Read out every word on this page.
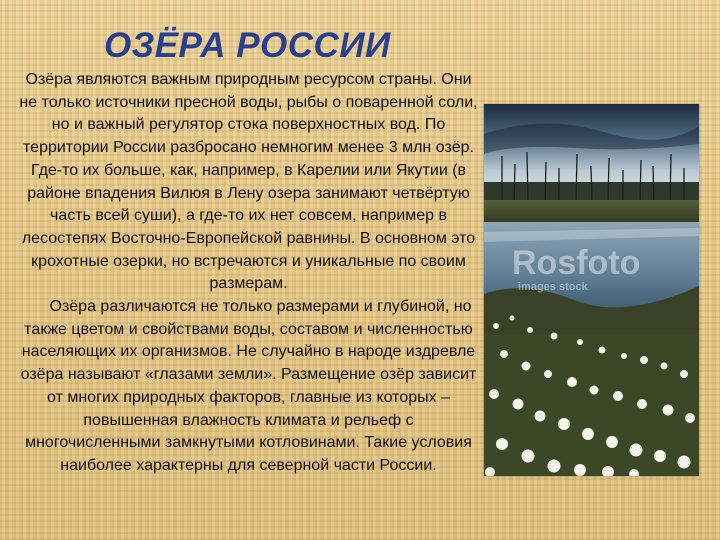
ОЗЁРА РОССИИ

Озёра являются важным природным ресурсом страны. Они не только источники пресной воды, рыбы о поваренной соли, но и важный регулятор стока поверхностных вод. По территории России разбросано немногим менее 3 млн озёр. Где-то их больше, как, например, в Карелии или Якутии (в районе впадения Вилюя в Лену озера занимают четвёртую часть всей суши), а где-то их нет совсем, например в лесостепях Восточно-Европейской равнины. В основном это крохотные озерки, но встречаются и уникальные по своим размерам.

  Озёра различаются не только размерами и глубиной, но также цветом и свойствами воды, составом и численностью населяющих их организмов. Не случайно в народе издревле озёра называют «глазами земли». Размещение озёр зависит от многих природных факторов, главные из которых – повышенная влажность климата и рельеф с многочисленными замкнутыми котловинами. Такие условия наиболее характерны для северной части России.

Rosfoto
images stock
